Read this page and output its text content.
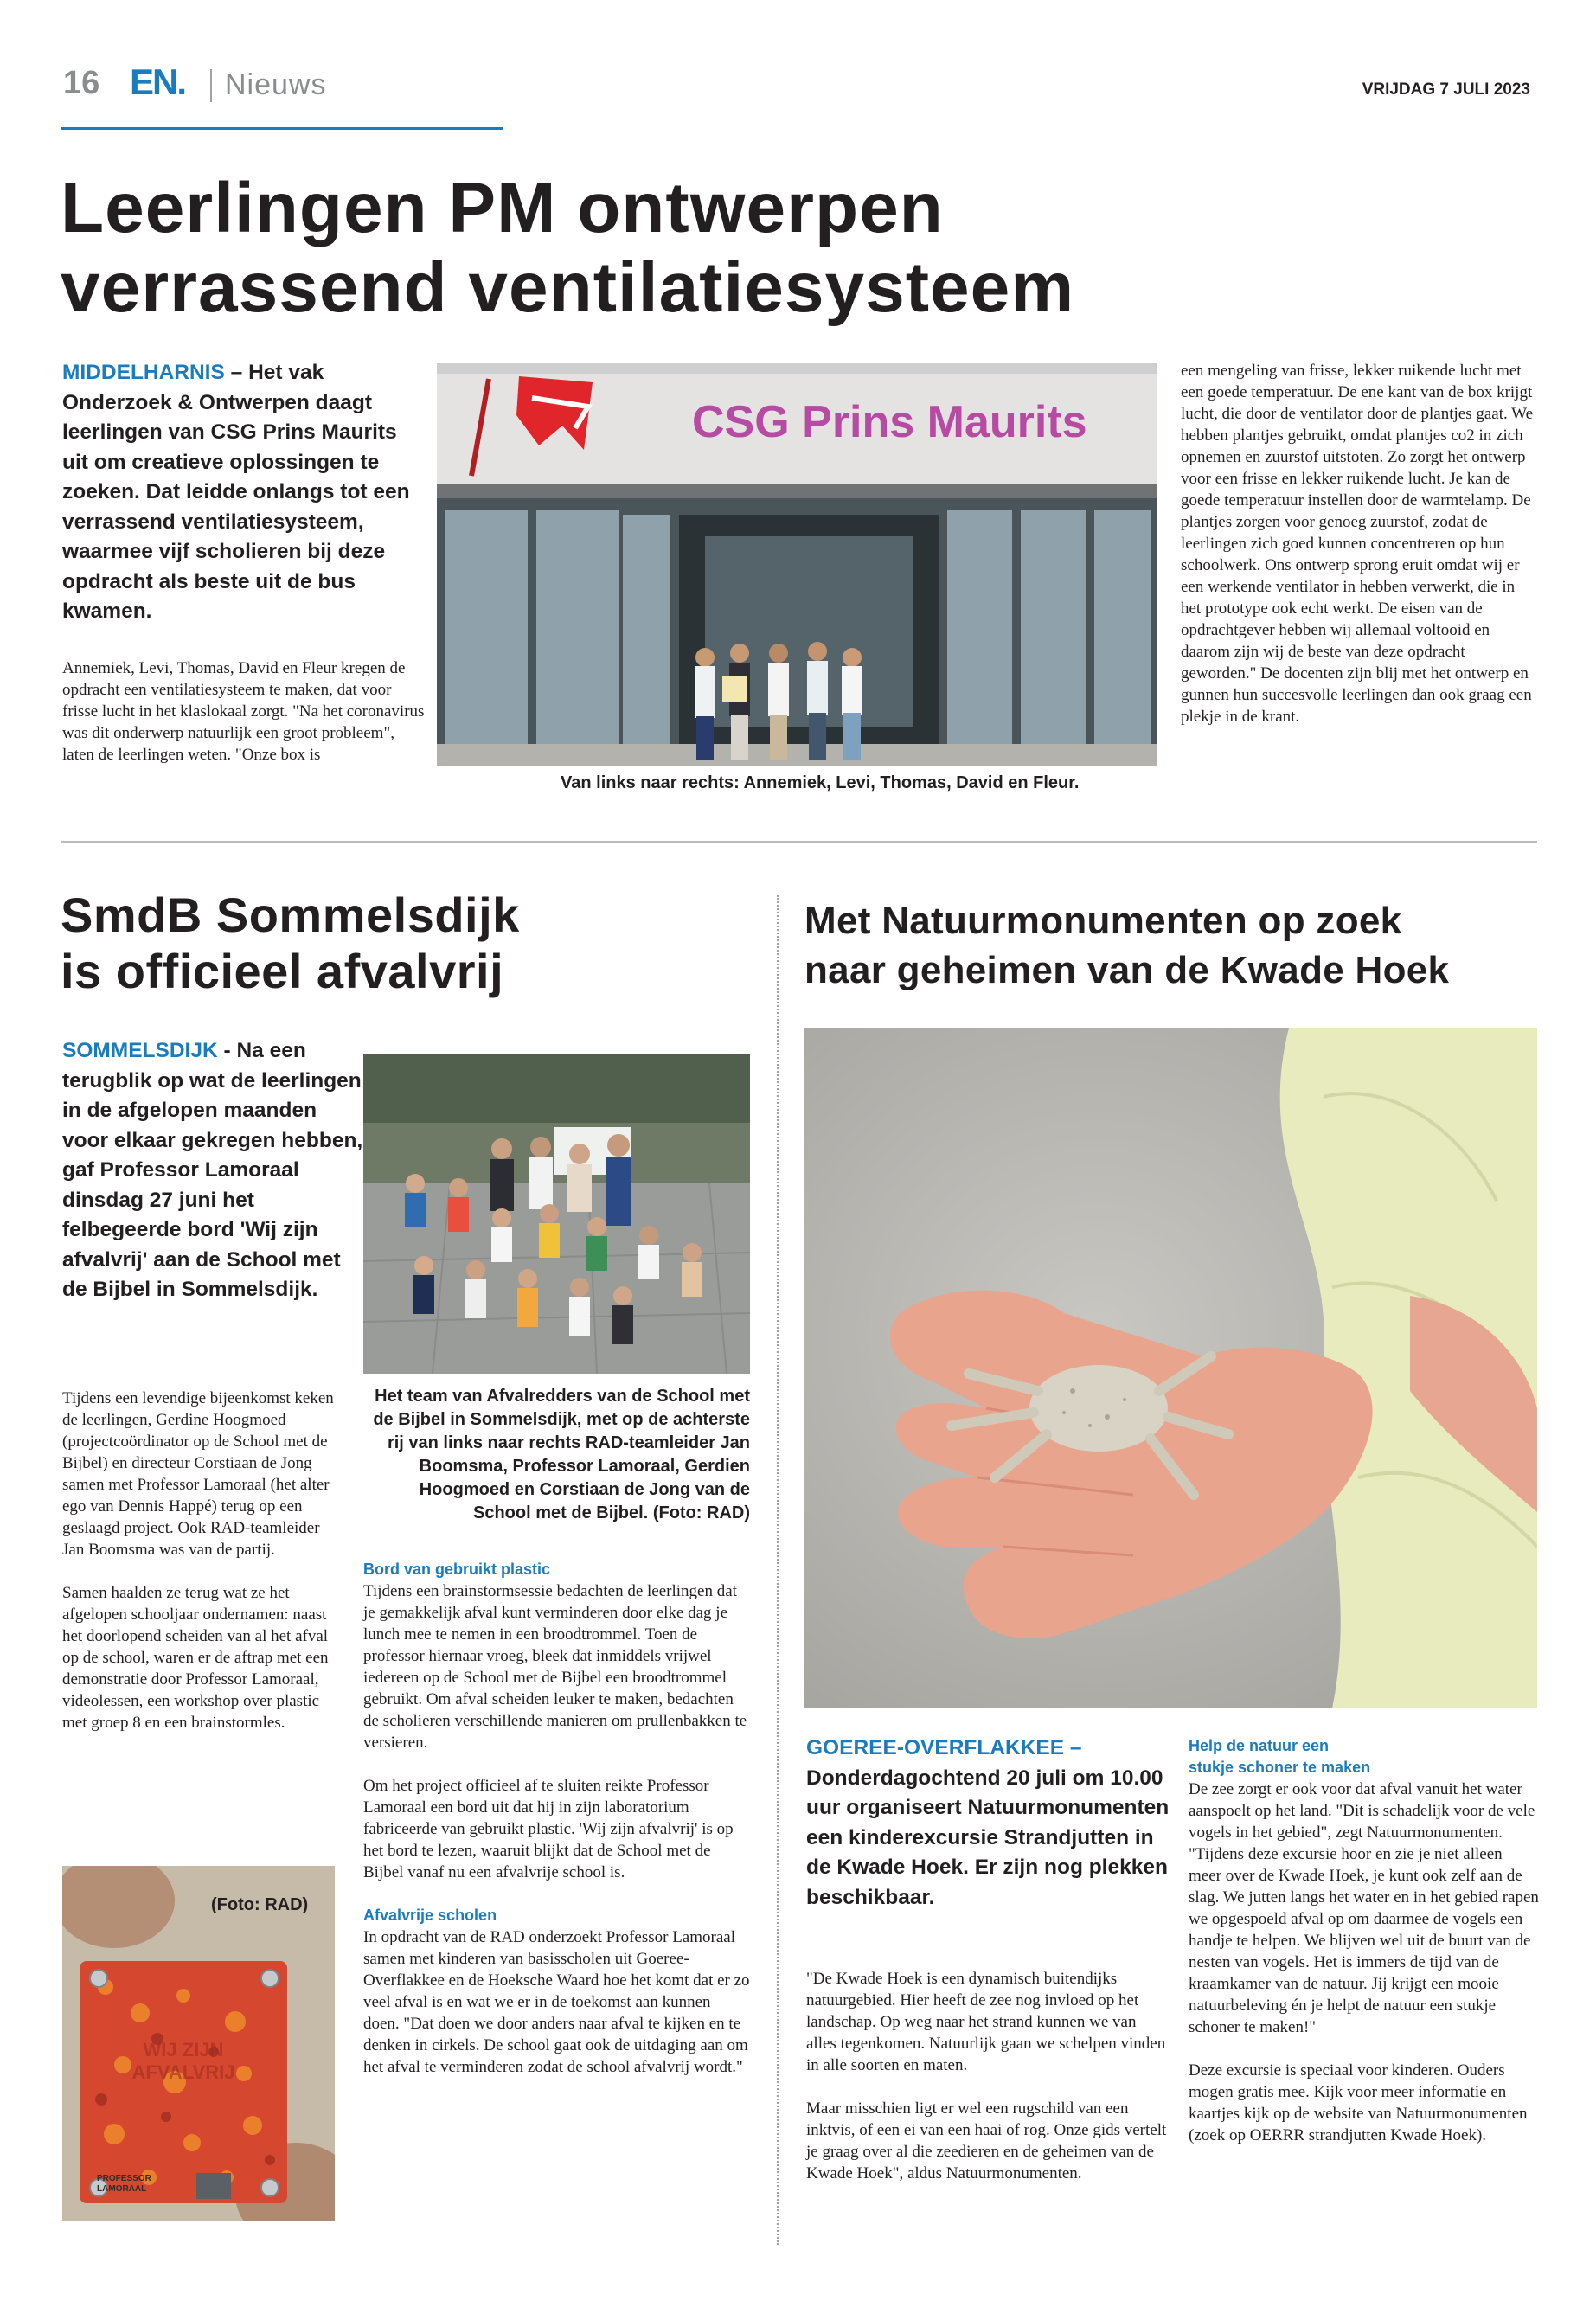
16 EN. Nieuws	VRIJDAG 7 JULI 2023
Leerlingen PM ontwerpen
verrassend ventilatiesysteem
MIDDELHARNIS – Het vak Onderzoek & Ontwerpen daagt leerlingen van CSG Prins Maurits uit om creatieve oplossingen te zoeken. Dat leidde onlangs tot een verrassend ventilatiesysteem, waarmee vijf scholieren bij deze opdracht als beste uit de bus kwamen.
Annemiek, Levi, Thomas, David en Fleur kregen de opdracht een ventilatiesysteem te maken, dat voor frisse lucht in het klaslokaal zorgt. "Na het coronavirus was dit onderwerp natuurlijk een groot probleem", laten de leerlingen weten. "Onze box is
CSG Prins Maurits
Van links naar rechts: Annemiek, Levi, Thomas, David en Fleur.
een mengeling van frisse, lekker ruikende lucht met een goede temperatuur. De ene kant van de box krijgt lucht, die door de ventilator door de plantjes gaat. We hebben plantjes gebruikt, omdat plantjes co2 in zich opnemen en zuurstof uitstoten. Zo zorgt het ontwerp voor een frisse en lekker ruikende lucht. Je kan de goede temperatuur instellen door de warmtelamp. De plantjes zorgen voor genoeg zuurstof, zodat de leerlingen zich goed kunnen concentreren op hun schoolwerk. Ons ontwerp sprong eruit omdat wij er een werkende ventilator in hebben verwerkt, die in het prototype ook echt werkt. De eisen van de opdrachtgever hebben wij allemaal voltooid en daarom zijn wij de beste van deze opdracht geworden." De docenten zijn blij met het ontwerp en gunnen hun succesvolle leerlingen dan ook graag een plekje in de krant.
SmdB Sommelsdijk
is officieel afvalvrij
SOMMELSDIJK - Na een terugblik op wat de leerlingen in de afgelopen maanden voor elkaar gekregen hebben, gaf Professor Lamoraal dinsdag 27 juni het felbegeerde bord 'Wij zijn afvalvrij' aan de School met de Bijbel in Sommelsdijk.

Tijdens een levendige bijeenkomst keken de leerlingen, Gerdine Hoogmoed (projectcoördinator op de School met de Bijbel) en directeur Corstiaan de Jong samen met Professor Lamoraal (het alter ego van Dennis Happé) terug op een geslaagd project. Ook RAD-teamleider Jan Boomsma was van de partij.

Samen haalden ze terug wat ze het afgelopen schooljaar ondernamen: naast het doorlopend scheiden van al het afval op de school, waren er de aftrap met een demonstratie door Professor Lamoraal, videolessen, een workshop over plastic met groep 8 en een brainstormles.

WIJ ZIJN AFVALVRIJ
PROFESSOR LAMORAAL
(Foto: RAD)
Het team van Afvalredders van de School met de Bijbel in Sommelsdijk, met op de achterste rij van links naar rechts RAD-teamleider Jan Boomsma, Professor Lamoraal, Gerdien Hoogmoed en Corstiaan de Jong van de School met de Bijbel. (Foto: RAD)
Bord van gebruikt plastic

Tijdens een brainstormsessie bedachten de leerlingen dat je gemakkelijk afval kunt verminderen door elke dag je lunch mee te nemen in een broodtrommel. Toen de professor hiernaar vroeg, bleek dat inmiddels vrijwel iedereen op de School met de Bijbel een broodtrommel gebruikt. Om afval scheiden leuker te maken, bedachten de scholieren verschillende manieren om prullenbakken te versieren.

Om het project officieel af te sluiten reikte Professor Lamoraal een bord uit dat hij in zijn laboratorium fabriceerde van gebruikt plastic. 'Wij zijn afvalvrij' is op het bord te lezen, waaruit blijkt dat de School met de Bijbel vanaf nu een afvalvrije school is.

Afvalvrije scholen

In opdracht van de RAD onderzoekt Professor Lamoraal samen met kinderen van basisscholen uit Goeree-Overflakkee en de Hoeksche Waard hoe het komt dat er zo veel afval is en wat we er in de toekomst aan kunnen doen. "Dat doen we door anders naar afval te kijken en te denken in cirkels. De school gaat ook de uitdaging aan om het afval te verminderen zodat de school afvalvrij wordt."

Met Natuurmonumenten op zoek
naar geheimen van de Kwade Hoek
GOEREE-OVERFLAKKEE – Donderdagochtend 20 juli om 10.00 uur organiseert Natuurmonumenten een kinderexcursie Strandjutten in de Kwade Hoek. Er zijn nog plekken beschikbaar.

"De Kwade Hoek is een dynamisch buitendijks natuurgebied. Hier heeft de zee nog invloed op het landschap. Op weg naar het strand kunnen we van alles tegenkomen. Natuurlijk gaan we schelpen vinden in alle soorten en maten.

Maar misschien ligt er wel een rugschild van een inktvis, of een ei van een haai of rog. Onze gids vertelt je graag over al die zeedieren en de geheimen van de Kwade Hoek", aldus Natuurmonumenten.

Help de natuur een
stukje schoner te maken

De zee zorgt er ook voor dat afval vanuit het water aanspoelt op het land. "Dit is schadelijk voor de vele vogels in het gebied", zegt Natuurmonumenten. "Tijdens deze excursie hoor en zie je niet alleen meer over de Kwade Hoek, je kunt ook zelf aan de slag. We jutten langs het water en in het gebied rapen we opgespoeld afval op om daarmee de vogels een handje te helpen. We blijven wel uit de buurt van de nesten van vogels. Het is immers de tijd van de kraamkamer van de natuur. Jij krijgt een mooie natuurbeleving én je helpt de natuur een stukje schoner te maken!"

Deze excursie is speciaal voor kinderen. Ouders mogen gratis mee. Kijk voor meer informatie en kaartjes kijk op de website van Natuurmonumenten (zoek op OERRR strandjutten Kwade Hoek).
